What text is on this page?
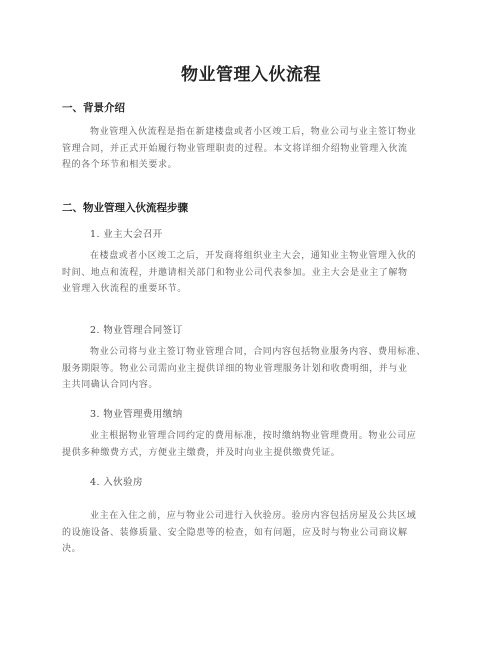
物业管理入伙流程
一、背景介绍
物业管理入伙流程是指在新建楼盘或者小区竣工后，物业公司与业主签订物业
管理合同，并正式开始履行物业管理职责的过程。本文将详细介绍物业管理入伙流
程的各个环节和相关要求。
二、物业管理入伙流程步骤
1. 业主大会召开
在楼盘或者小区竣工之后，开发商将组织业主大会，通知业主物业管理入伙的
时间、地点和流程，并邀请相关部门和物业公司代表参加。业主大会是业主了解物
业管理入伙流程的重要环节。
2. 物业管理合同签订
物业公司将与业主签订物业管理合同，合同内容包括物业服务内容、费用标准、
服务期限等。物业公司需向业主提供详细的物业管理服务计划和收费明细，并与业
主共同确认合同内容。
3. 物业管理费用缴纳
业主根据物业管理合同约定的费用标准，按时缴纳物业管理费用。物业公司应
提供多种缴费方式，方便业主缴费，并及时向业主提供缴费凭证。
4. 入伙验房
业主在入住之前，应与物业公司进行入伙验房。验房内容包括房屋及公共区域
的设施设备、装修质量、安全隐患等的检查，如有问题，应及时与物业公司商议解
决。
